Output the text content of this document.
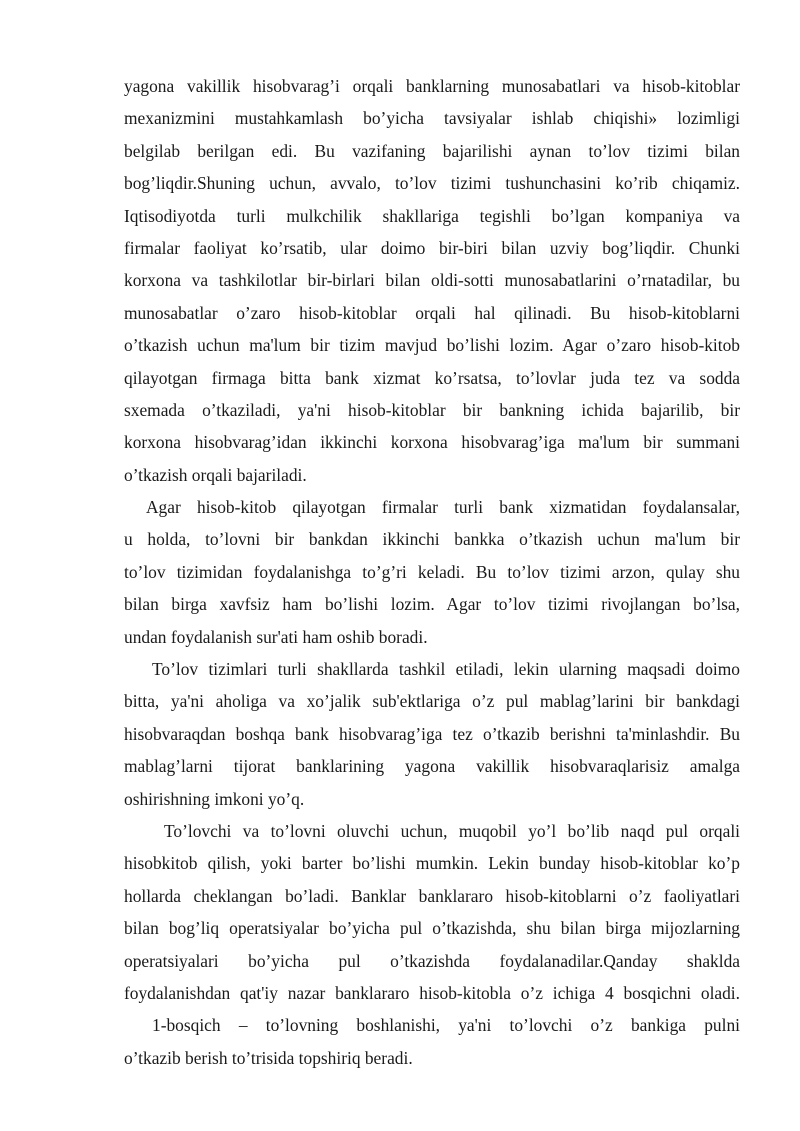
yagona vakillik hisobvarag’i orqali banklarning munosabatlari va hisob-kitoblar
mexanizmini mustahkamlash bo’yicha tavsiyalar ishlab chiqishi» lozimligi
belgilab berilgan edi. Bu vazifaning bajarilishi aynan to’lov tizimi bilan
bog’liqdir.Shuning uchun, avvalo, to’lov tizimi tushunchasini ko’rib chiqamiz.
Iqtisodiyotda turli mulkchilik shakllariga tegishli bo’lgan kompaniya va
firmalar faoliyat ko’rsatib, ular doimo bir-biri bilan uzviy bog’liqdir. Chunki
korxona va tashkilotlar bir-birlari bilan oldi-sotti munosabatlarini o’rnatadilar, bu
munosabatlar o’zaro hisob-kitoblar orqali hal qilinadi. Bu hisob-kitoblarni
o’tkazish uchun ma'lum bir tizim mavjud bo’lishi lozim. Agar o’zaro hisob-kitob
qilayotgan firmaga bitta bank xizmat ko’rsatsa, to’lovlar juda tez va sodda
sxemada o’tkaziladi, ya'ni hisob-kitoblar bir bankning ichida bajarilib, bir
korxona hisobvarag’idan ikkinchi korxona hisobvarag’iga ma'lum bir summani
o’tkazish orqali bajariladi.
Agar hisob-kitob qilayotgan firmalar turli bank xizmatidan foydalansalar,
u holda, to’lovni bir bankdan ikkinchi bankka o’tkazish uchun ma'lum bir
to’lov tizimidan foydalanishga to’g’ri keladi. Bu to’lov tizimi arzon, qulay shu
bilan birga xavfsiz ham bo’lishi lozim. Agar to’lov tizimi rivojlangan bo’lsa,
undan foydalanish sur'ati ham oshib boradi.
To’lov tizimlari turli shakllarda tashkil etiladi, lekin ularning maqsadi doimo
bitta, ya'ni aholiga va xo’jalik sub'ektlariga o’z pul mablag’larini bir bankdagi
hisobvaraqdan boshqa bank hisobvarag’iga tez o’tkazib berishni ta'minlashdir. Bu
mablag’larni tijorat banklarining yagona vakillik hisobvaraqlarisiz amalga
oshirishning imkoni yo’q.
To’lovchi va to’lovni oluvchi uchun, muqobil yo’l bo’lib naqd pul orqali
hisobkitob qilish, yoki barter bo’lishi mumkin. Lekin bunday hisob-kitoblar ko’p
hollarda cheklangan bo’ladi. Banklar banklararo hisob-kitoblarni o’z faoliyatlari
bilan bog’liq operatsiyalar bo’yicha pul o’tkazishda, shu bilan birga mijozlarning
operatsiyalari bo’yicha pul o’tkazishda foydalanadilar.Qanday shaklda
foydalanishdan qat'iy nazar banklararo hisob-kitobla o’z ichiga 4 bosqichni oladi.
1-bosqich – to’lovning boshlanishi, ya'ni to’lovchi o’z bankiga pulni
o’tkazib berish to’trisida topshiriq beradi.
